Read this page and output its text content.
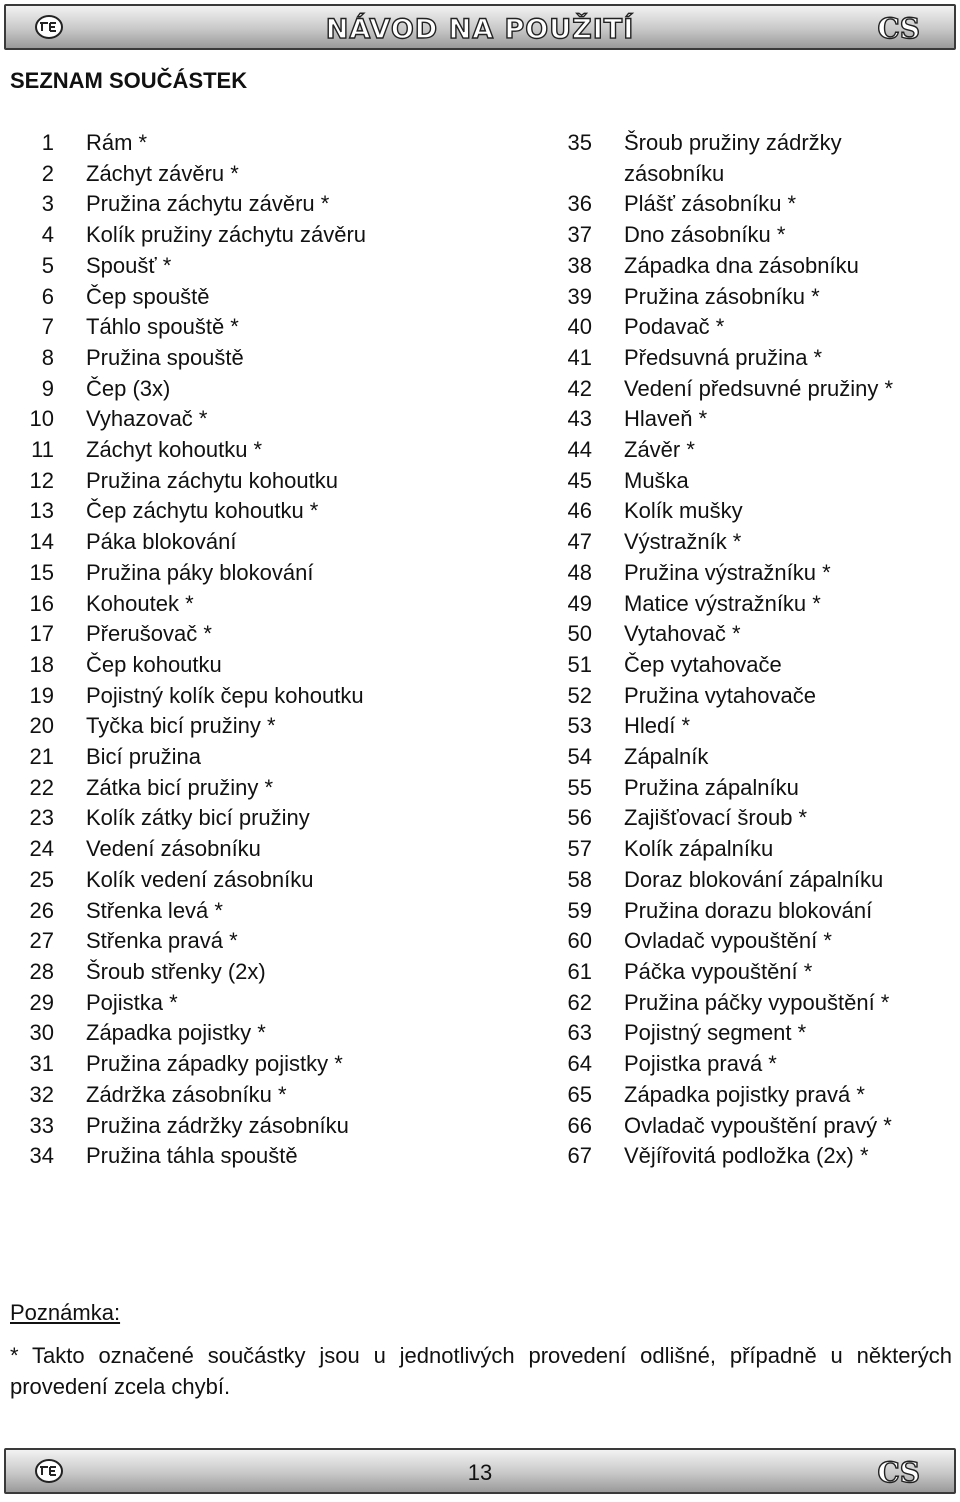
NÁVOD NA POUŽITÍ	CS
SEZNAM SOUČÁSTEK
1	Rám *
2	Záchyt závěru *
3	Pružina záchytu závěru *
4	Kolík pružiny záchytu závěru
5	Spoušť *
6	Čep spouště
7	Táhlo spouště *
8	Pružina spouště
9	Čep (3x)
10	Vyhazovač *
11	Záchyt kohoutku *
12	Pružina záchytu kohoutku
13	Čep záchytu kohoutku *
14	Páka blokování
15	Pružina páky blokování
16	Kohoutek *
17	Přerušovač *
18	Čep kohoutku
19	Pojistný kolík čepu kohoutku
20	Tyčka bicí pružiny *
21	Bicí pružina
22	Zátka bicí pružiny *
23	Kolík zátky bicí pružiny
24	Vedení zásobníku
25	Kolík vedení zásobníku
26	Střenka levá *
27	Střenka pravá *
28	Šroub střenky (2x)
29	Pojistka *
30	Západka pojistky *
31	Pružina západky pojistky *
32	Zádržka zásobníku *
33	Pružina zádržky zásobníku
34	Pružina táhla spouště
35	Šroub pružiny zádržky zásobníku
36	Plášť zásobníku *
37	Dno zásobníku *
38	Západka dna zásobníku
39	Pružina zásobníku *
40	Podavač *
41	Předsuvná pružina *
42	Vedení předsuvné pružiny *
43	Hlaveň *
44	Závěr *
45	Muška
46	Kolík mušky
47	Výstražník *
48	Pružina výstražníku *
49	Matice výstražníku *
50	Vytahovač *
51	Čep vytahovače
52	Pružina vytahovače
53	Hledí *
54	Zápalník
55	Pružina zápalníku
56	Zajišťovací šroub *
57	Kolík zápalníku
58	Doraz blokování zápalníku
59	Pružina dorazu blokování
60	Ovladač vypouštění *
61	Páčka vypouštění *
62	Pružina páčky vypouštění *
63	Pojistný segment *
64	Pojistka pravá *
65	Západka pojistky pravá *
66	Ovladač vypouštění pravý *
67	Vějířovitá podložka (2x) *
Poznámka:
* Takto označené součástky jsou u jednotlivých provedení odlišné, případně u některých provedení zcela chybí.
13	CS
